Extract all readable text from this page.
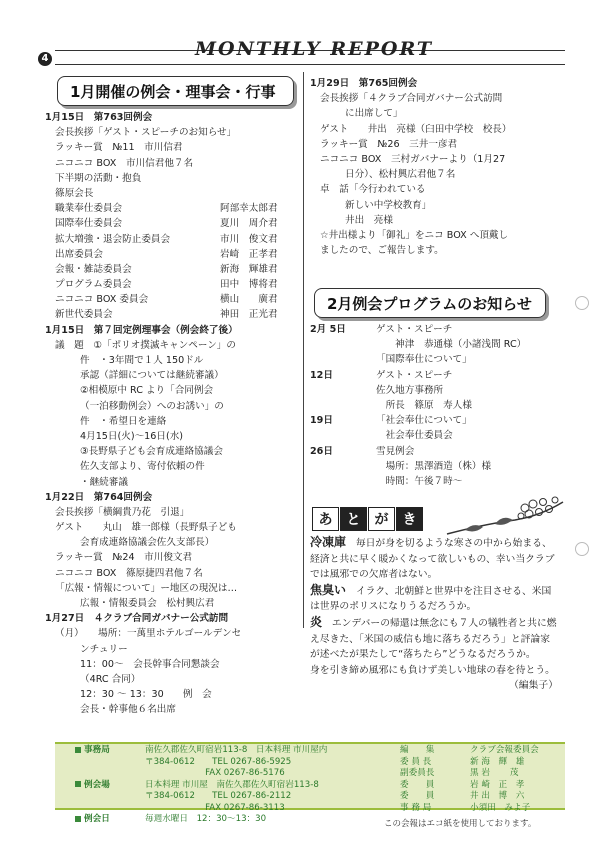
4	MONTHLY REPORT
1月開催の例会・理事会・行事
1月15日　第763回例会
会長挨拶「ゲスト・スピーチのお知らせ」
ラッキー賞　№11　市川信君
ニコニコ BOX　市川信君他７名
下半期の活動・抱負
篠原会長
職業奉仕委員会	阿部幸太郎君
国際奉仕委員会	夏川　周介君
拡大増強・退会防止委員会	市川　俊文君
出席委員会	岩崎　正孝君
会報・雑誌委員会	新海　輝雄君
プログラム委員会	田中　博将君
ニコニコ BOX 委員会	横山　　廣君
新世代委員会	神田　正光君
1月15日　第７回定例理事会（例会終了後）
議　題　①「ポリオ撲滅キャンペーン」の
件　・3年間で１人 150ドル
承認（詳細については継続審議）
②相模原中 RC より「合同例会
（一泊移動例会）へのお誘い」の
件　・希望日を連絡
4月15日(火)～16日(水)
③長野県子ども会育成連絡協議会
佐久支部より、寄付依頼の件
・継続審議
1月22日　第764回例会
会長挨拶「横綱貴乃花　引退」
ゲスト　　丸山　雄一郎様（長野県子ども
会育成連絡協議会佐久支部長）
ラッキー賞　№24　市川俊文君
ニコニコ BOX　篠原捷四君他７名
「広報・情報について」ー地区の現況は…
広報・情報委員会　松村興広君
1月27日　４クラブ合同ガバナー公式訪問
（月）　　場所：一萬里ホテルゴールデンセ
ンチュリー
11：00～　会長幹事合同懇談会
（4RC 合同）
12：30 ～ 13：30　　例　会
会長・幹事他６名出席
1月29日　第765回例会
会長挨拶「４クラブ合同ガバナー公式訪問
に出席して」
ゲスト　　井出　亮様（臼田中学校　校長）
ラッキー賞　№26　三井一彦君
ニコニコ BOX　三村ガバナーより（1月27
日分）、松村興広君他７名
卓　話「今行われている
新しい中学校教育」
井出　亮様
☆井出様より「御礼」をニコ BOX へ頂戴し
ましたので、ご報告します。
2月例会プログラムのお知らせ
2月 5日	ゲスト・スピーチ
　　神津　恭通様（小諸浅間 RC）
「国際奉仕について」
12日	ゲスト・スピーチ
佐久地方事務所
　所長　篠原　寿人様
19日	「社会奉仕について」
　社会奉仕委員会
26日	雪見例会
　場所：黒澤酒造（株）様
　時間：午後７時～
あ	と	が	き

冷凍庫　 毎日が身を切るような寒さの中から始まる、経済と共に早く暖かくなって欲しいもの、幸い当クラブでは風邪での欠席者はない。

焦臭い　 イラク、北朝鮮と世界中を注目させる、米国は世界のポリスになりうるだろうか。

炎　 エンデバーの帰還は無念にも７人の犠牲者と共に燃え尽きた、「米国の威信も地に落ちるだろう」と評論家が述べたが果たして“落ちたら”どうなるだろうか。

身を引き締め風邪にも負けず美しい地球の春を待とう。
（編集子）

事務局	南佐久郡佐久町宿岩113-8　日本料理 市川屋内
〒384-0612　　TEL 0267-86-5925
　　　　　　　FAX 0267-86-5176
例会場	日本料理 市川屋　南佐久郡佐久町宿岩113-8
〒384-0612　　TEL 0267-86-2112
　　　　　　　FAX 0267-86-3113
例会日	毎週水曜日　12：30～13：30
編　　集	クラブ会報委員会
委 員 長	新 海　輝　雄
副委員長	黒 岩　　 茂
委　　員	岩 崎　正　孝
委　　員	井 出　博　六
事 務 局	小須田　みよ子
この会報はエコ紙を使用しております。
